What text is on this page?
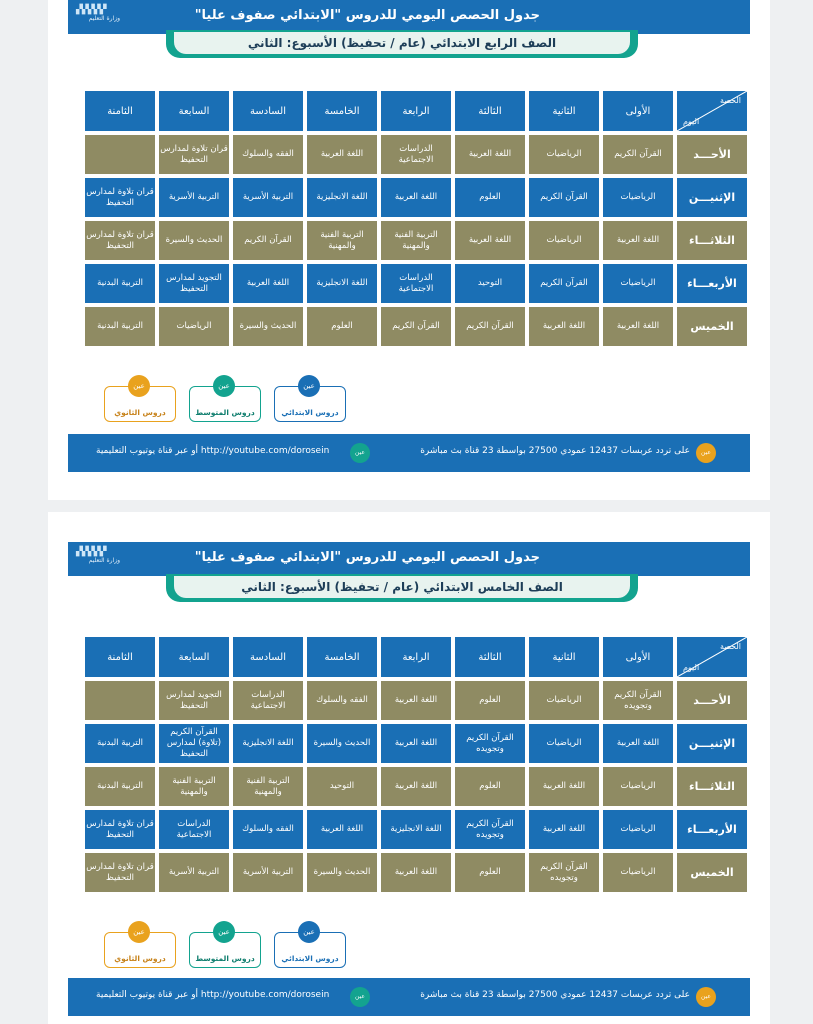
▞▞▞▞▞
وزارة التعليم	جدول الحصص اليومي للدروس "الابتدائي صفوف عليا"
الصف الرابع الابتدائي (عام / تحفيظ) الأسبوع: الثاني
الحصة
اليوم	الأولى	الثانية	الثالثة	الرابعة	الخامسة	السادسة	السابعة	الثامنة
الأحـــد	القرآن الكريم	الرياضيات	اللغة العربية	الدراسات الاجتماعية	اللغة العربية	الفقه والسلوك	قران تلاوة لمدارس التحفيظ	
الإثنيـــن	الرياضيات	القرآن الكريم	العلوم	اللغة العربية	اللغة الانجليزية	التربية الأسرية	التربية الأسرية	قران تلاوة لمدارس التحفيظ
الثلاثـــاء	اللغة العربية	الرياضيات	اللغة العربية	التربية الفنية والمهنية	التربية الفنية والمهنية	القرآن الكريم	الحديث والسيرة	قران تلاوة لمدارس التحفيظ
الأربعـــاء	الرياضيات	القرآن الكريم	التوحيد	الدراسات الاجتماعية	اللغة الانجليزية	اللغة العربية	التجويد لمدارس التحفيظ	التربية البدنية
الخميس	اللغة العربية	اللغة العربية	القرآن الكريم	القرآن الكريم	العلوم	الحديث والسيرة	الرياضيات	التربية البدنية
عين
دروس الثانوي
عين
دروس المتوسط
عين
دروس الابتدائي
عين
على تردد عربسات 12437 عمودي 27500 بواسطة 23 قناة بث مباشرة
عين
http://youtube.com/dorosein أو عبر قناة يوتيوب التعليمية
▞▞▞▞▞
وزارة التعليم	جدول الحصص اليومي للدروس "الابتدائي صفوف عليا"
الصف الخامس الابتدائي (عام / تحفيظ) الأسبوع: الثاني
الحصة
اليوم	الأولى	الثانية	الثالثة	الرابعة	الخامسة	السادسة	السابعة	الثامنة
الأحـــد	القرآن الكريم وتجويده	الرياضيات	العلوم	اللغة العربية	الفقه والسلوك	الدراسات الاجتماعية	التجويد لمدارس التحفيظ	
الإثنيـــن	اللغة العربية	الرياضيات	القرآن الكريم وتجويده	اللغة العربية	الحديث والسيرة	اللغة الانجليزية	القرآن الكريم (تلاوة) لمدارس التحفيظ	التربية البدنية
الثلاثـــاء	الرياضيات	اللغة العربية	العلوم	اللغة العربية	التوحيد	التربية الفنية والمهنية	التربية الفنية والمهنية	التربية البدنية
الأربعـــاء	الرياضيات	اللغة العربية	القرآن الكريم وتجويده	اللغة الانجليزية	اللغة العربية	الفقه والسلوك	الدراسات الاجتماعية	قران تلاوة لمدارس التحفيظ
الخميس	الرياضيات	القرآن الكريم وتجويده	العلوم	اللغة العربية	الحديث والسيرة	التربية الأسرية	التربية الأسرية	قران تلاوة لمدارس التحفيظ
عين
دروس الثانوي
عين
دروس المتوسط
عين
دروس الابتدائي
عين
على تردد عربسات 12437 عمودي 27500 بواسطة 23 قناة بث مباشرة
عين
http://youtube.com/dorosein أو عبر قناة يوتيوب التعليمية
